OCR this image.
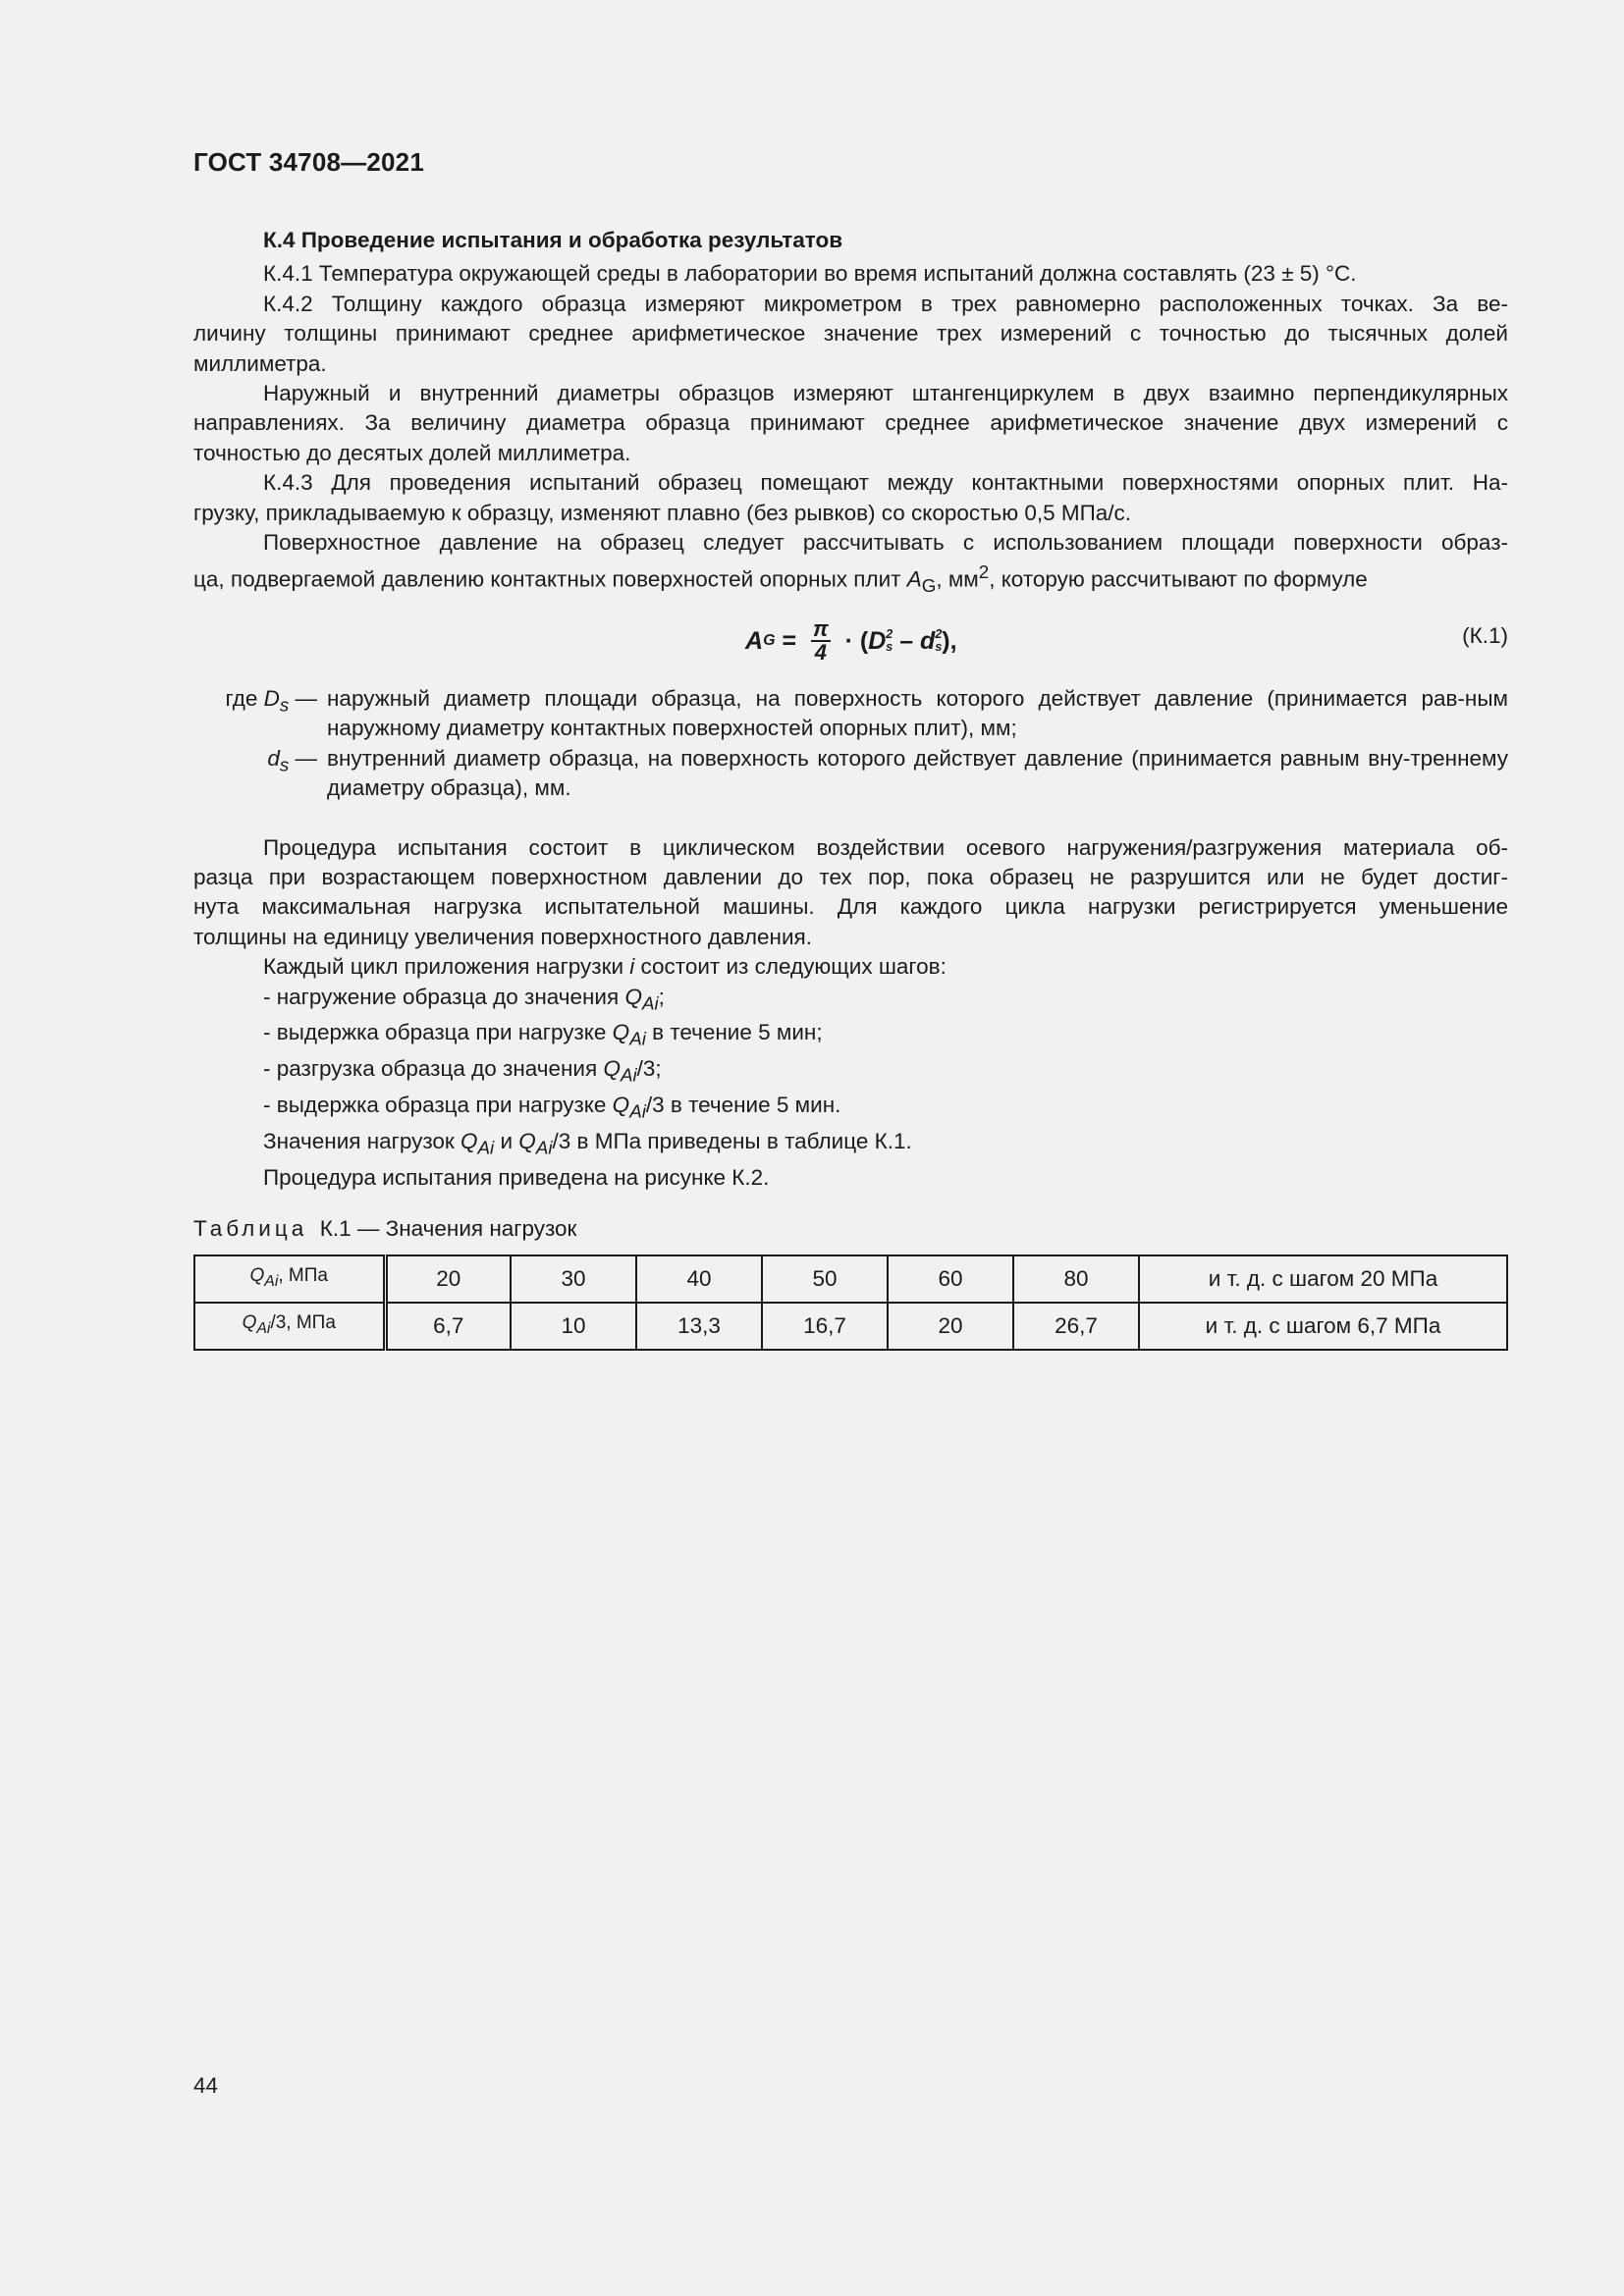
ГОСТ 34708—2021
К.4 Проведение испытания и обработка результатов
К.4.1 Температура окружающей среды в лаборатории во время испытаний должна составлять (23 ± 5) °С.
К.4.2 Толщину каждого образца измеряют микрометром в трех равномерно расположенных точках. За ве-
личину толщины принимают среднее арифметическое значение трех измерений с точностью до тысячных долей
миллиметра.
Наружный и внутренний диаметры образцов измеряют штангенциркулем в двух взаимно перпендикулярных
направлениях. За величину диаметра образца принимают среднее арифметическое значение двух измерений с
точностью до десятых долей миллиметра.
К.4.3 Для проведения испытаний образец помещают между контактными поверхностями опорных плит. На-
грузку, прикладываемую к образцу, изменяют плавно (без рывков) со скоростью 0,5 МПа/с.
Поверхностное давление на образец следует рассчитывать с использованием площади поверхности образ-
ца, подвергаемой давлению контактных поверхностей опорных плит $A_G$, $мм^2$, которую рассчитывают по формуле
A $G = \frac{\pi}{4}$ · ( D 2
s – d 2
s ),	(К.1)
где $D_s$ — наружный диаметр площади образца, на поверхность которого действует давление (принимается рав-ным наружному диаметру контактных поверхностей опорных плит), мм;
$d_s$ — внутренний диаметр образца, на поверхность которого действует давление (принимается равным вну-треннему диаметру образца), мм.
Процедура испытания состоит в циклическом воздействии осевого нагружения/разгружения материала об-
разца при возрастающем поверхностном давлении до тех пор, пока образец не разрушится или не будет достиг-
нута максимальная нагрузка испытательной машины. Для каждого цикла нагрузки регистрируется уменьшение
толщины на единицу увеличения поверхностного давления.
Каждый цикл приложения нагрузки i состоит из следующих шагов:
- нагружение образца до значения $Q_{Ai}$;
- выдержка образца при нагрузке $Q_{Ai}$ в течение 5 мин;
- разгрузка образца до значения $Q_{Ai}/3$;
- выдержка образца при нагрузке $Q_{Ai}/3$ в течение 5 мин.
Значения нагрузок $Q_{Ai}$ и $Q_{Ai}/3$ в МПа приведены в таблице К.1.
Процедура испытания приведена на рисунке К.2.
Таблица К.1 — Значения нагрузок
$Q_{Ai}$, МПа	20	30	40	50	60	80	и т. д. с шагом 20 МПа
$Q_{Ai}/3$, МПа	6,7	10	13,3	16,7	20	26,7	и т. д. с шагом 6,7 МПа
44
